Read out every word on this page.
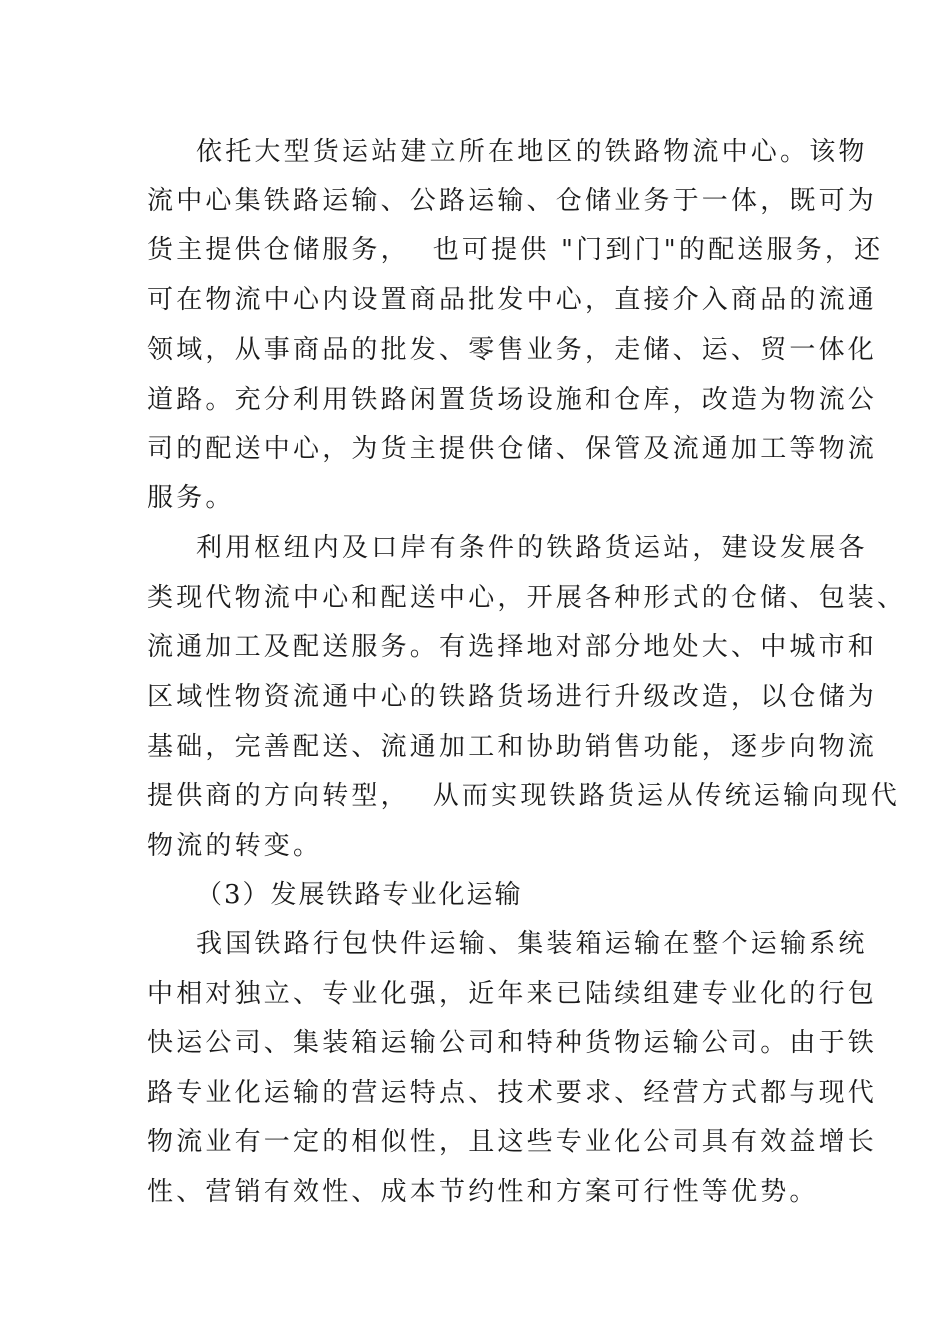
依托大型货运站建立所在地区的铁路物流中心。该物
流中心集铁路运输、公路运输、仓储业务于一体，既可为
货主提供仓储服务，  也可提供 "门到门"的配送服务，还
可在物流中心内设置商品批发中心，直接介入商品的流通
领域，从事商品的批发、零售业务，走储、运、贸一体化
道路。充分利用铁路闲置货场设施和仓库，改造为物流公
司的配送中心，为货主提供仓储、保管及流通加工等物流
服务。
利用枢纽内及口岸有条件的铁路货运站，建设发展各
类现代物流中心和配送中心，开展各种形式的仓储、包装、
流通加工及配送服务。有选择地对部分地处大、中城市和
区域性物资流通中心的铁路货场进行升级改造，以仓储为
基础，完善配送、流通加工和协助销售功能，逐步向物流
提供商的方向转型，  从而实现铁路货运从传统运输向现代
物流的转变。
（3）发展铁路专业化运输
我国铁路行包快件运输、集装箱运输在整个运输系统
中相对独立、专业化强，近年来已陆续组建专业化的行包
快运公司、集装箱运输公司和特种货物运输公司。由于铁
路专业化运输的营运特点、技术要求、经营方式都与现代
物流业有一定的相似性，且这些专业化公司具有效益增长
性、营销有效性、成本节约性和方案可行性等优势。
